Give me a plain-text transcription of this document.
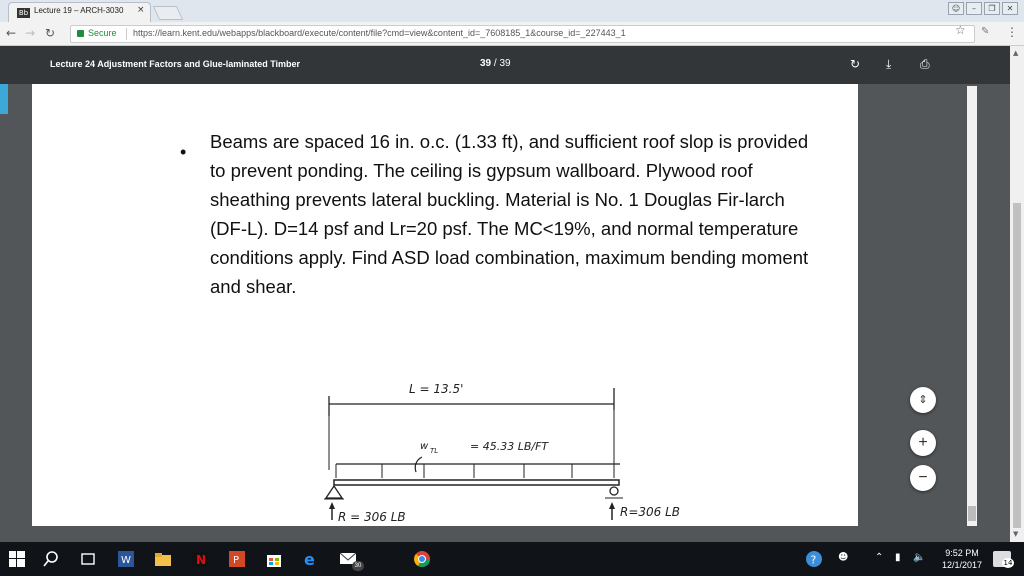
Bb Lecture 19 – ARCH-3030 ×	☺	–	❐	✕
← → ↻	Secure https://learn.kent.edu/webapps/blackboard/execute/content/file?cmd=view&content_id=_7608185_1&course_id=_227443_1	☆ ✎ ⋮
Lecture 24 Adjustment Factors and Glue-laminated Timber	39 / 39	↻ ⤓ ⎙
• Beams are spaced 16 in. o.c. (1.33 ft), and sufficient roof slop is provided to prevent ponding. The ceiling is gypsum wallboard. Plywood roof sheathing prevents lateral buckling. Material is No. 1 Douglas Fir-larch (DF-L). D=14 psf and Lr=20 psf. The MC<19%, and normal temperature conditions apply. Find ASD load combination, maximum bending moment and shear.
L = 13.5'
w TL	= 45.33 LB/FT
R = 306 LB	R=306 LB
⇕
+
−
▲
▼
W	N	P	e	30	? ☻	⌃ ▮ 🔈	9:52 PM
12/1/2017	14
